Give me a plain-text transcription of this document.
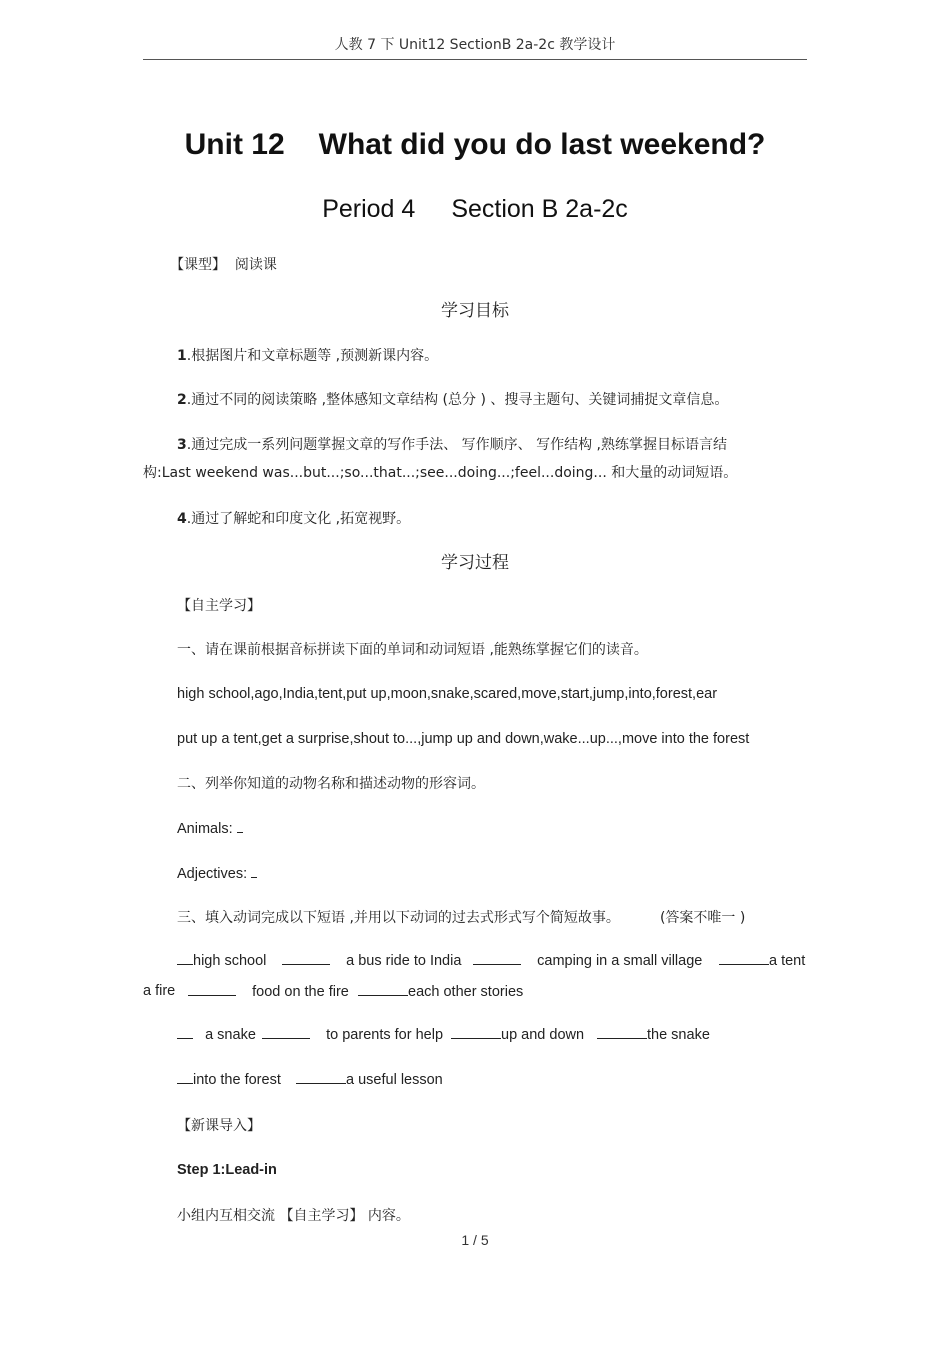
人教 7 下 Unit12 SectionB 2a-2c 教学设计
Unit 12 What did you do last weekend?
Period 4 Section B 2a-2c
【课型】 阅读课
学习目标
1.根据图片和文章标题等 ,预测新课内容。
2.通过不同的阅读策略 ,整体感知文章结构 (总分 ) 、搜寻主题句、关键词捕捉文章信息。
3.通过完成一系列问题掌握文章的写作手法、 写作顺序、 写作结构 ,熟练掌握目标语言结
构:Last weekend was...but...;so...that...;see...doing...;feel...doing... 和大量的动词短语。
4.通过了解蛇和印度文化 ,拓宽视野。
学习过程
【自主学习】
一、请在课前根据音标拼读下面的单词和动词短语 ,能熟练掌握它们的读音。
high school,ago,India,tent,put up,moon,snake,scared,move,start,jump,into,forest,ear
put up a tent,get a surprise,shout to...,jump up and down,wake...up...,move into the forest
二、列举你知道的动物名称和描述动物的形容词。
Animals:
Adjectives:
三、填入动词完成以下短语 ,并用以下动词的过去式形式写个简短故事。	(答案不唯一 )
high school	a bus ride to India	camping in a small village	a tent
a fire	food on the fire	each other stories
a snake	to parents for help	up and down	the snake
into the forest	a useful lesson
【新课导入】
Step 1:Lead-in
小组内互相交流 【自主学习】 内容。
1 / 5
